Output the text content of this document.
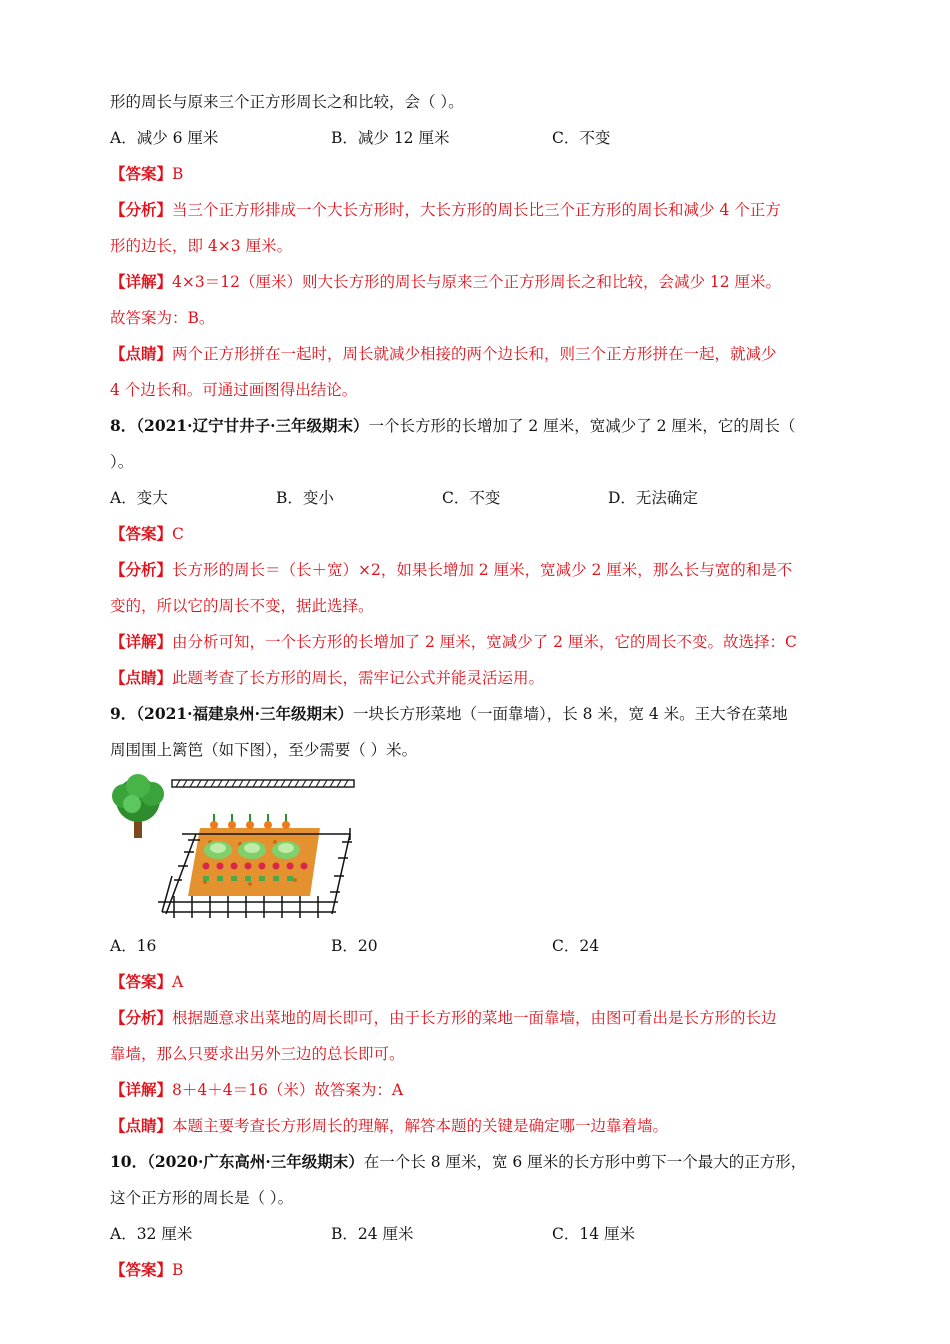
形的周长与原来三个正方形周长之和比较，会（ ）。

A．减少 6 厘米	B．减少 12 厘米	C．不变

【答案】B

【分析】当三个正方形排成一个大长方形时，大长方形的周长比三个正方形的周长和减少 4 个正方

形的边长，即 4×3 厘米。

【详解】4×3＝12（厘米）则大长方形的周长与原来三个正方形周长之和比较，会减少 12 厘米。

故答案为：B。

【点睛】两个正方形拼在一起时，周长就减少相接的两个边长和，则三个正方形拼在一起，就减少

4 个边长和。可通过画图得出结论。

8．（2021·辽宁甘井子·三年级期末）一个长方形的长增加了 2 厘米，宽减少了 2 厘米，它的周长（

）。

A．变大	B．变小	C．不变	D．无法确定

【答案】C

【分析】长方形的周长＝（长＋宽）×2，如果长增加 2 厘米，宽减少 2 厘米，那么长与宽的和是不

变的，所以它的周长不变，据此选择。

【详解】由分析可知，一个长方形的长增加了 2 厘米，宽减少了 2 厘米，它的周长不变。故选择：C

【点睛】此题考查了长方形的周长，需牢记公式并能灵活运用。

9．（2021·福建泉州·三年级期末）一块长方形菜地（一面靠墙），长 8 米，宽 4 米。王大爷在菜地

周围围上篱笆（如下图），至少需要（ ）米。

A．16	B．20	C．24

【答案】A

【分析】根据题意求出菜地的周长即可，由于长方形的菜地一面靠墙，由图可看出是长方形的长边

靠墙，那么只要求出另外三边的总长即可。

【详解】8＋4＋4＝16（米）故答案为：A

【点睛】本题主要考查长方形周长的理解，解答本题的关键是确定哪一边靠着墙。

10．（2020·广东高州·三年级期末）在一个长 8 厘米，宽 6 厘米的长方形中剪下一个最大的正方形，

这个正方形的周长是（ ）。

A．32 厘米	B．24 厘米	C．14 厘米

【答案】B
